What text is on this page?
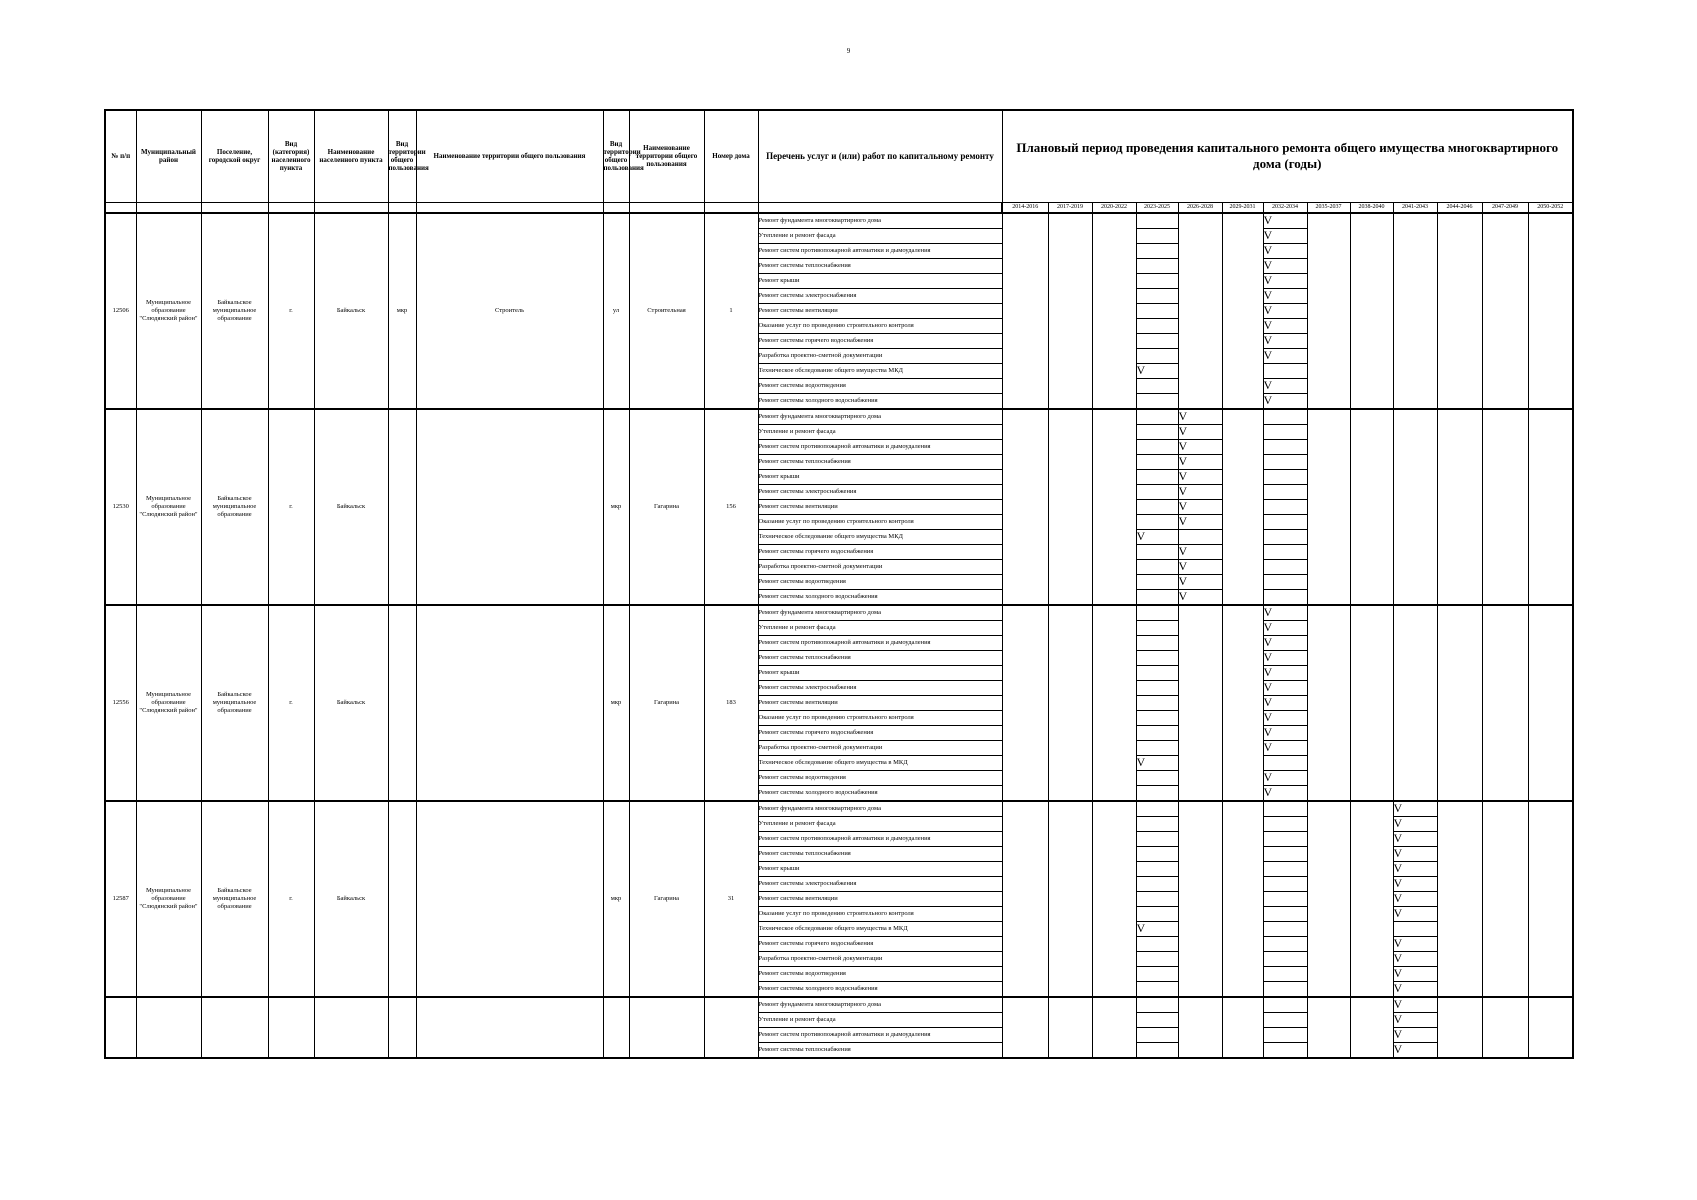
9
№ п/п	Муниципальный район	Поселение, городской округ	Вид (категория) населенного пункта	Наименование населенного пункта	Вид территории общего пользования	Наименование территории общего пользования	Вид территории общего пользования	Наименование территории общего пользования	Номер дома	Перечень услуг и (или) работ по капитальному ремонту	Плановый период проведения капитального ремонта общего имущества многоквартирного дома (годы)												
											2014-2016	2017-2019	2020-2022	2023-2025	2026-2028	2029-2031	2032-2034	2035-2037	2038-2040	2041-2043	2044-2046	2047-2049	2050-2052
12506	Муниципальное образование "Слюдянский район"	Байкальское муниципальное образование	г.	Байкальск	мкр	Строитель	ул	Строительная	1	Ремонт фундамента многоквартирного дома							V						
										Утепление и ремонт фасада							V						
										Ремонт систем противопожарной автоматики и дымоудаления							V						
										Ремонт системы теплоснабжения							V						
										Ремонт крыши							V						
										Ремонт системы электроснабжения							V						
										Ремонт системы вентиляции							V						
										Оказание услуг по проведению строительного контроля							V						
										Ремонт системы горячего водоснабжения							V						
										Разработка проектно-сметной документации							V						
										Техническое обследование общего имущества МКД				V									
										Ремонт системы водоотведения							V						
										Ремонт системы холодного водоснабжения							V						
12530	Муниципальное образование "Слюдянский район"	Байкальское муниципальное образование	г.	Байкальск			мкр	Гагарина	156	Ремонт фундамента многоквартирного дома					V								
										Утепление и ремонт фасада					V								
										Ремонт систем противопожарной автоматики и дымоудаления					V								
										Ремонт системы теплоснабжения					V								
										Ремонт крыши					V								
										Ремонт системы электроснабжения					V								
										Ремонт системы вентиляции					V								
										Оказание услуг по проведению строительного контроля					V								
										Техническое обследование общего имущества МКД				V									
										Ремонт системы горячего водоснабжения					V								
										Разработка проектно-сметной документации					V								
										Ремонт системы водоотведения					V								
										Ремонт системы холодного водоснабжения					V								
12556	Муниципальное образование "Слюдянский район"	Байкальское муниципальное образование	г.	Байкальск			мкр	Гагарина	183	Ремонт фундамента многоквартирного дома							V						
										Утепление и ремонт фасада							V						
										Ремонт систем противопожарной автоматики и дымоудаления							V						
										Ремонт системы теплоснабжения							V						
										Ремонт крыши							V						
										Ремонт системы электроснабжения							V						
										Ремонт системы вентиляции							V						
										Оказание услуг по проведению строительного контроля							V						
										Ремонт системы горячего водоснабжения							V						
										Разработка проектно-сметной документации							V						
										Техническое обследование общего имущества в МКД				V									
										Ремонт системы водоотведения							V						
										Ремонт системы холодного водоснабжения							V						
12587	Муниципальное образование "Слюдянский район"	Байкальское муниципальное образование	г.	Байкальск			мкр	Гагарина	31	Ремонт фундамента многоквартирного дома										V			
										Утепление и ремонт фасада										V			
										Ремонт систем противопожарной автоматики и дымоудаления										V			
										Ремонт системы теплоснабжения										V			
										Ремонт крыши										V			
										Ремонт системы электроснабжения										V			
										Ремонт системы вентиляции										V			
										Оказание услуг по проведению строительного контроля										V			
										Техническое обследование общего имущества в МКД				V									
										Ремонт системы горячего водоснабжения										V			
										Разработка проектно-сметной документации										V			
										Ремонт системы водоотведения										V			
										Ремонт системы холодного водоснабжения										V			
										Ремонт фундамента многоквартирного дома										V			
										Утепление и ремонт фасада										V			
										Ремонт систем противопожарной автоматики и дымоудаления										V			
										Ремонт системы теплоснабжения										V			
